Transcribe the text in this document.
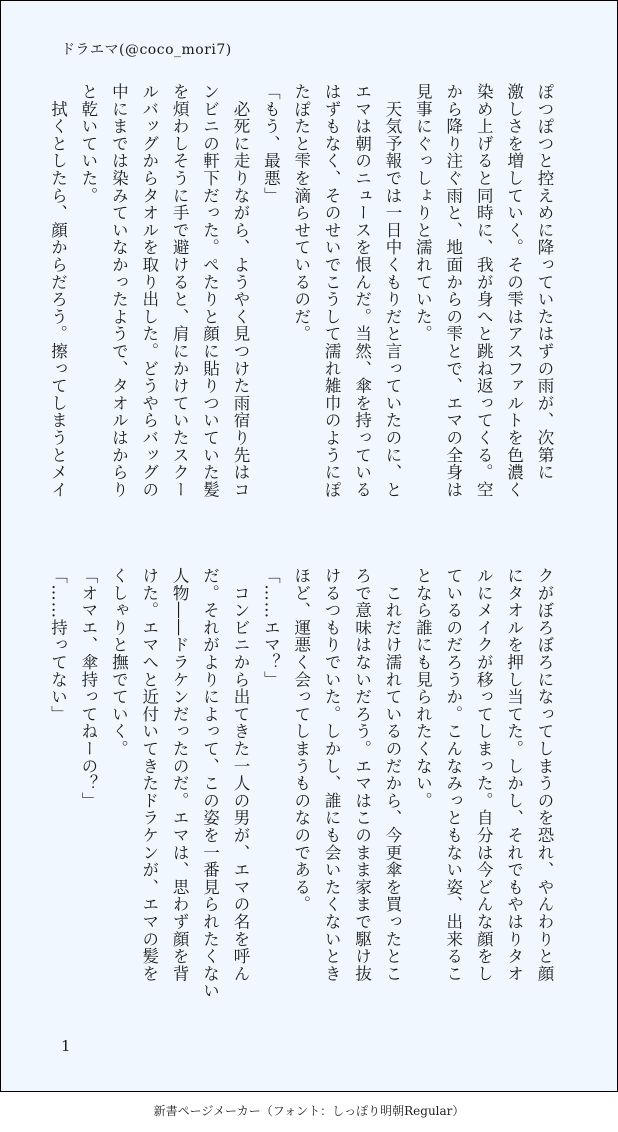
ドラエマ(@coco_mori7)
ぽつぽつと控えめに降っていたはずの雨が、次第に
激しさを増していく。その雫はアスファルトを色濃く
染め上げると同時に、我が身へと跳ね返ってくる。空
から降り注ぐ雨と、地面からの雫とで、エマの全身は
見事にぐっしょりと濡れていた。
　天気予報では一日中くもりだと言っていたのに、と
エマは朝のニュースを恨んだ。当然、傘を持っている
はずもなく、そのせいでこうして濡れ雑巾のようにぽ
たぽたと雫を滴らせているのだ。
「もう、最悪」
　必死に走りながら、ようやく見つけた雨宿り先はコ
ンビニの軒下だった。ぺたりと顔に貼りついていた髪
を煩わしそうに手で避けると、肩にかけていたスクー
ルバッグからタオルを取り出した。どうやらバッグの
中にまでは染みていなかったようで、タオルはからり
と乾いていた。
　拭くとしたら、顔からだろう。擦ってしまうとメイ
クがぼろぼろになってしまうのを恐れ、やんわりと顔
にタオルを押し当てた。しかし、それでもやはりタオ
ルにメイクが移ってしまった。自分は今どんな顔をし
ているのだろうか。こんなみっともない姿、出来るこ
となら誰にも見られたくない。
　これだけ濡れているのだから、今更傘を買ったとこ
ろで意味はないだろう。エマはこのまま家まで駆け抜
けるつもりでいた。しかし、誰にも会いたくないとき
ほど、運悪く会ってしまうものなのである。
「……エマ？」
　コンビニから出てきた一人の男が、エマの名を呼ん
だ。それがよりによって、この姿を一番見られたくない
人物――ドラケンだったのだ。エマは、思わず顔を背
けた。エマへと近付いてきたドラケンが、エマの髪を
くしゃりと撫でていく。
「オマエ、傘持ってねーの？」
「……持ってない」
1
新書ページメーカー（フォント：しっぽり明朝Regular）
